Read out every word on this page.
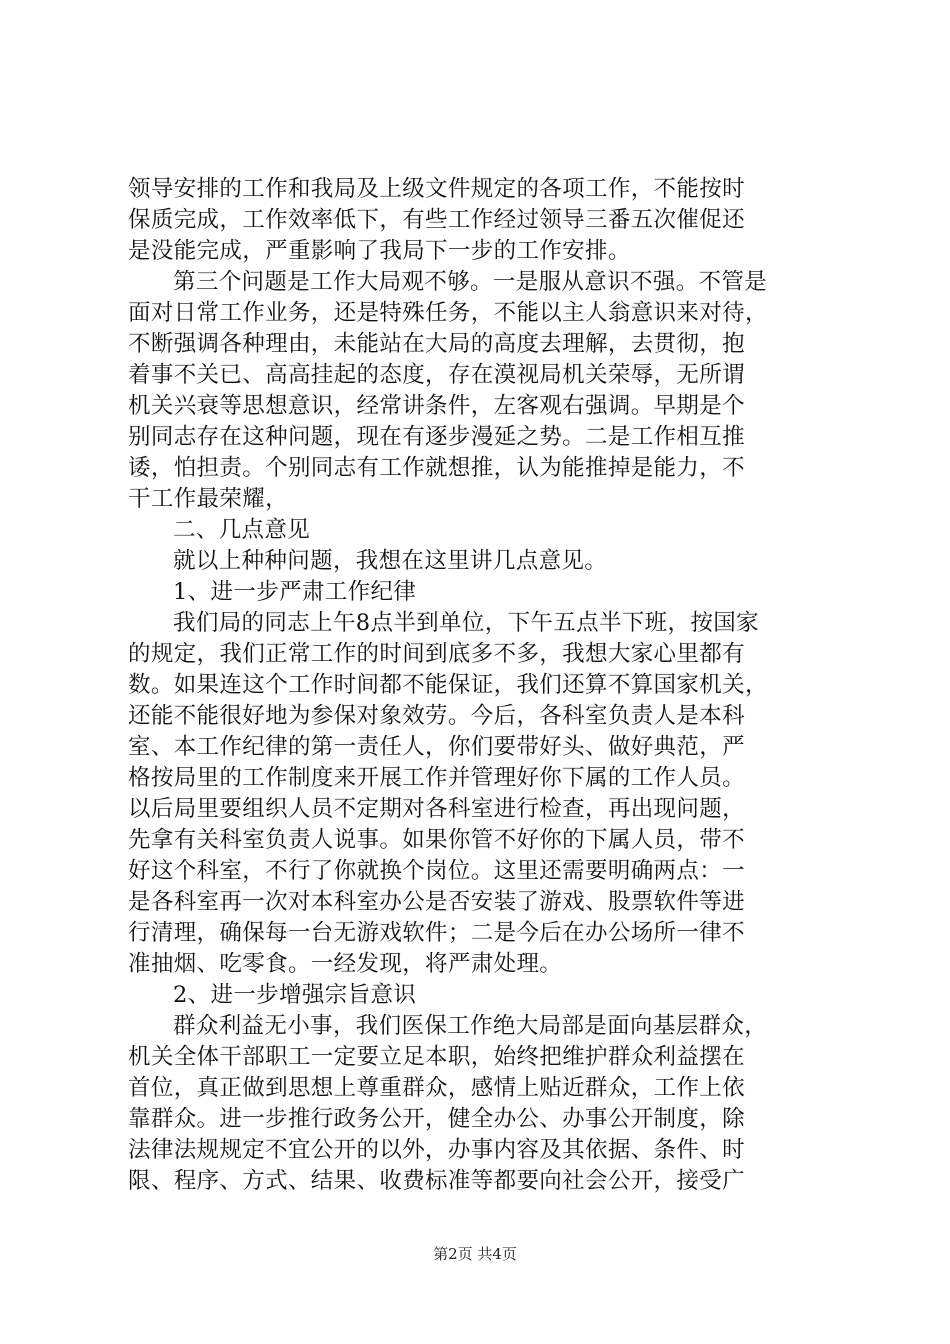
领导安排的工作和我局及上级文件规定的各项工作，不能按时
保质完成，工作效率低下，有些工作经过领导三番五次催促还
是没能完成，严重影响了我局下一步的工作安排。
第三个问题是工作大局观不够。一是服从意识不强。不管是
面对日常工作业务，还是特殊任务，不能以主人翁意识来对待，
不断强调各种理由，未能站在大局的高度去理解，去贯彻，抱
着事不关已、高高挂起的态度，存在漠视局机关荣辱，无所谓
机关兴衰等思想意识，经常讲条件，左客观右强调。早期是个
别同志存在这种问题，现在有逐步漫延之势。二是工作相互推
诿，怕担责。个别同志有工作就想推，认为能推掉是能力，不
干工作最荣耀，
二、几点意见
就以上种种问题，我想在这里讲几点意见。
1、进一步严肃工作纪律
我们局的同志上午8点半到单位，下午五点半下班，按国家
的规定，我们正常工作的时间到底多不多，我想大家心里都有
数。如果连这个工作时间都不能保证，我们还算不算国家机关，
还能不能很好地为参保对象效劳。今后，各科室负责人是本科
室、本工作纪律的第一责任人，你们要带好头、做好典范，严
格按局里的工作制度来开展工作并管理好你下属的工作人员。
以后局里要组织人员不定期对各科室进行检查，再出现问题，
先拿有关科室负责人说事。如果你管不好你的下属人员，带不
好这个科室，不行了你就换个岗位。这里还需要明确两点：一
是各科室再一次对本科室办公是否安装了游戏、股票软件等进
行清理，确保每一台无游戏软件；二是今后在办公场所一律不
准抽烟、吃零食。一经发现，将严肃处理。
2、进一步增强宗旨意识
群众利益无小事，我们医保工作绝大局部是面向基层群众，
机关全体干部职工一定要立足本职，始终把维护群众利益摆在
首位，真正做到思想上尊重群众，感情上贴近群众，工作上依
靠群众。进一步推行政务公开，健全办公、办事公开制度，除
法律法规规定不宜公开的以外，办事内容及其依据、条件、时
限、程序、方式、结果、收费标准等都要向社会公开，接受广
第2页 共4页
